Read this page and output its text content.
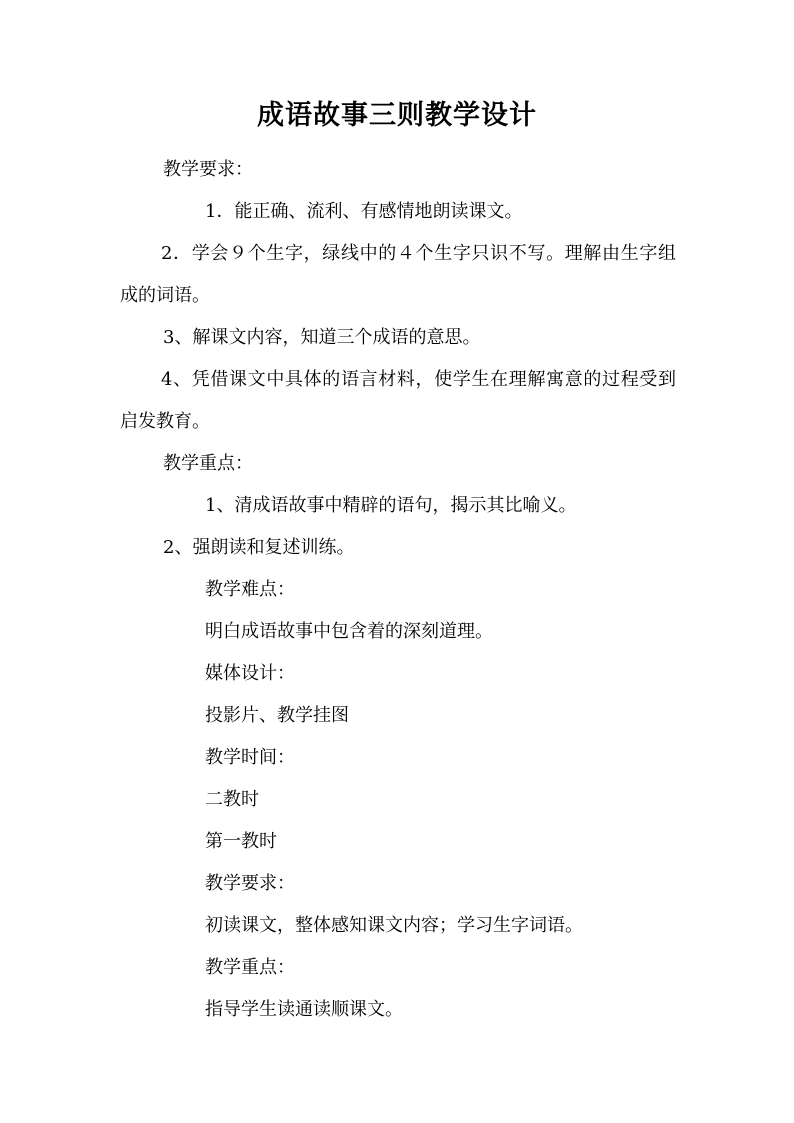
成语故事三则教学设计
教学要求：
1．能正确、流利、有感情地朗读课文。
2．学会９个生字，绿线中的４个生字只识不写。理解由生字组成的词语。
3、解课文内容，知道三个成语的意思。
4、凭借课文中具体的语言材料，使学生在理解寓意的过程受到启发教育。
教学重点：
1、清成语故事中精辟的语句，揭示其比喻义。
2、强朗读和复述训练。
教学难点：
明白成语故事中包含着的深刻道理。
媒体设计：
投影片、教学挂图
教学时间：
二教时
第一教时
教学要求：
初读课文，整体感知课文内容；学习生字词语。
教学重点：
指导学生读通读顺课文。
